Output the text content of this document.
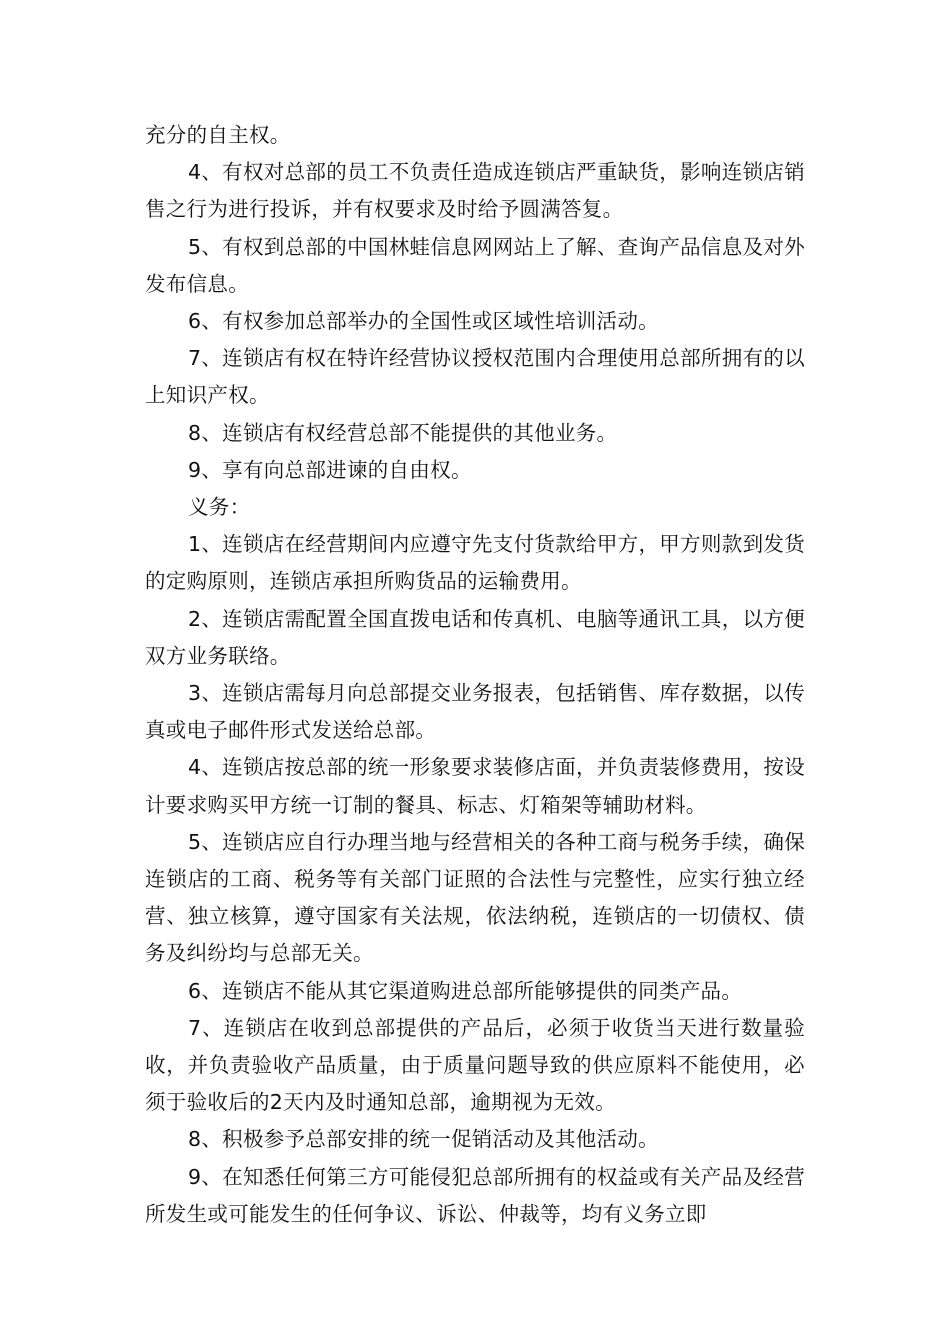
充分的自主权。

4、有权对总部的员工不负责任造成连锁店严重缺货，影响连锁店销售之行为进行投诉，并有权要求及时给予圆满答复。

5、有权到总部的中国林蛙信息网网站上了解、查询产品信息及对外发布信息。

6、有权参加总部举办的全国性或区域性培训活动。

7、连锁店有权在特许经营协议授权范围内合理使用总部所拥有的以上知识产权。

8、连锁店有权经营总部不能提供的其他业务。

9、享有向总部进谏的自由权。

义务：

1、连锁店在经营期间内应遵守先支付货款给甲方，甲方则款到发货的定购原则，连锁店承担所购货品的运输费用。

2、连锁店需配置全国直拨电话和传真机、电脑等通讯工具，以方便双方业务联络。

3、连锁店需每月向总部提交业务报表，包括销售、库存数据，以传真或电子邮件形式发送给总部。

4、连锁店按总部的统一形象要求装修店面，并负责装修费用，按设计要求购买甲方统一订制的餐具、标志、灯箱架等辅助材料。

5、连锁店应自行办理当地与经营相关的各种工商与税务手续，确保连锁店的工商、税务等有关部门证照的合法性与完整性，应实行独立经营、独立核算，遵守国家有关法规，依法纳税，连锁店的一切债权、债务及纠纷均与总部无关。

6、连锁店不能从其它渠道购进总部所能够提供的同类产品。

7、连锁店在收到总部提供的产品后，必须于收货当天进行数量验收，并负责验收产品质量，由于质量问题导致的供应原料不能使用，必须于验收后的2天内及时通知总部，逾期视为无效。

8、积极参予总部安排的统一促销活动及其他活动。

9、在知悉任何第三方可能侵犯总部所拥有的权益或有关产品及经营所发生或可能发生的任何争议、诉讼、仲裁等，均有义务立即
